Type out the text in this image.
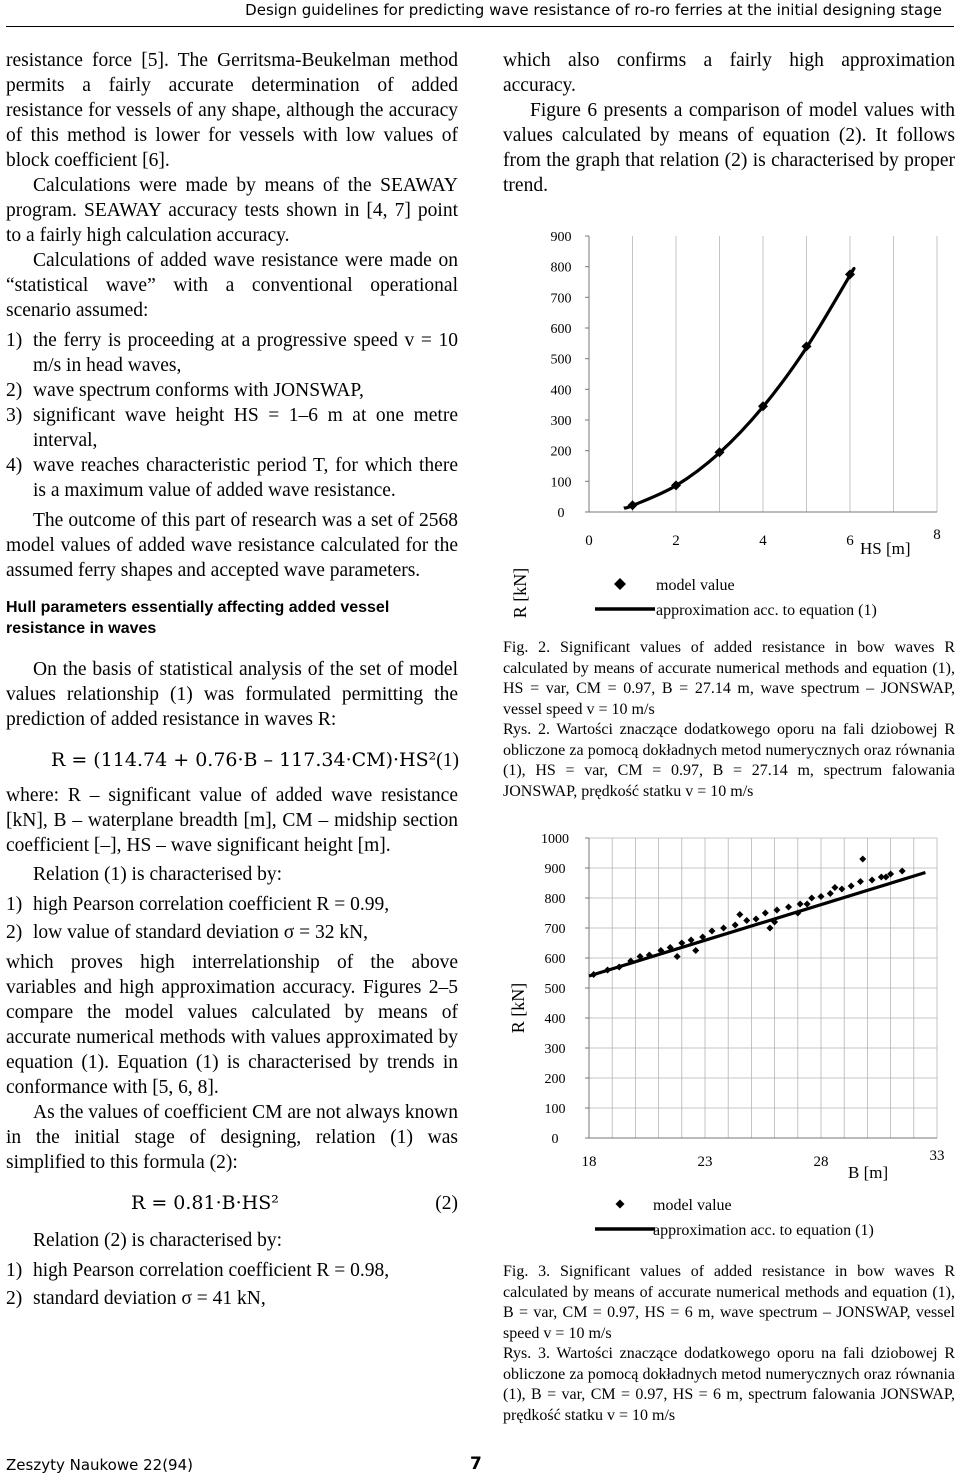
Design guidelines for predicting wave resistance of ro-ro ferries at the initial designing stage

resistance force [5]. The Gerritsma-Beukelman method permits a fairly accurate determination of added resistance for vessels of any shape, although the accuracy of this method is lower for vessels with low values of block coefficient [6].

Calculations were made by means of the SEAWAY program. SEAWAY accuracy tests shown in [4, 7] point to a fairly high calculation accuracy.

Calculations of added wave resistance were made on “statistical wave” with a conventional operational scenario assumed:

1) the ferry is proceeding at a progressive speed v = 10 m/s in head waves,
2) wave spectrum conforms with JONSWAP,
3) significant wave height HS = 1–6 m at one metre interval,
4) wave reaches characteristic period T, for which there is a maximum value of added wave resistance.

The outcome of this part of research was a set of 2568 model values of added wave resistance calculated for the assumed ferry shapes and accepted wave parameters.

Hull parameters essentially affecting added vessel resistance in waves

On the basis of statistical analysis of the set of model values relationship (1) was formulated permitting the prediction of added resistance in waves R:

R = (114.74 + 0.76·B – 117.34·CM)·HS² (1)

where: R – significant value of added wave resistance [kN], B – waterplane breadth [m], CM – midship section coefficient [–], HS – wave significant height [m].

Relation (1) is characterised by:

1) high Pearson correlation coefficient R = 0.99,
2) low value of standard deviation σ = 32 kN,

which proves high interrelationship of the above variables and high approximation accuracy. Figures 2–5 compare the model values calculated by means of accurate numerical methods with values approximated by equation (1). Equation (1) is characterised by trends in conformance with [5, 6, 8].

As the values of coefficient CM are not always known in the initial stage of designing, relation (1) was simplified to this formula (2):

R = 0.81·B·HS²	(2)

Relation (2) is characterised by:

1) high Pearson correlation coefficient R = 0.98,
2) standard deviation σ = 41 kN,

which also confirms a fairly high approximation accuracy.

Figure 6 presents a comparison of model values with values calculated by means of equation (2). It follows from the graph that relation (2) is characterised by proper trend.

0
100
200
300
400
500
600
700
800
900
0	2	4	6	8
R [kN]
HS [m]
model value
approximation acc. to equation (1)

Fig. 2. Significant values of added resistance in bow waves R calculated by means of accurate numerical methods and equation (1), HS = var, CM = 0.97, B = 27.14 m, wave spectrum – JONSWAP, vessel speed v = 10 m/s

Rys. 2. Wartości znaczące dodatkowego oporu na fali dziobowej R obliczone za pomocą dokładnych metod numerycznych oraz równania (1), HS = var, CM = 0.97, B = 27.14 m, spectrum falowania JONSWAP, prędkość statku v = 10 m/s

0
100
200
300
400
500
600
700
800
900
1000
18	23	28	33
R [kN]
B [m]
model value
approximation acc. to equation (1)

Fig. 3. Significant values of added resistance in bow waves R calculated by means of accurate numerical methods and equation (1), B = var, CM = 0.97, HS = 6 m, wave spectrum – JONSWAP, vessel speed v = 10 m/s

Rys. 3. Wartości znaczące dodatkowego oporu na fali dziobowej R obliczone za pomocą dokładnych metod numerycznych oraz równania (1), B = var, CM = 0.97, HS = 6 m, spectrum falowania JONSWAP, prędkość statku v = 10 m/s

Zeszyty Naukowe 22(94)	7
